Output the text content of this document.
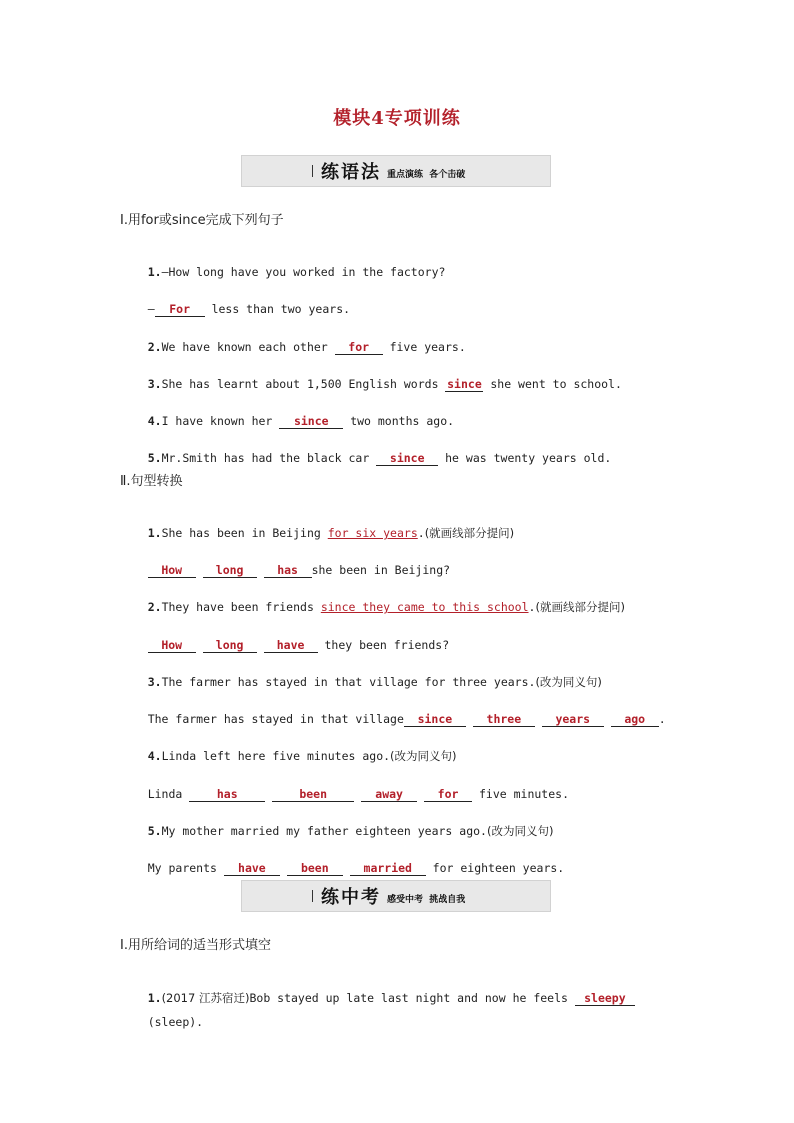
模块4专项训练
练语法 重点演练  各个击破
Ⅰ.用for或since完成下列句子

1.—How long have you worked in the factory?

— For less than two years.

2.We have known each other for five years.

3.She has learnt about 1,500 English words since she went to school.

4.I have known her since two months ago.

5.Mr.Smith has had the black car since he was twenty years old.

Ⅱ.句型转换

1.She has been in Beijing for six years.(就画线部分提问)

How	long	has she been in Beijing?

2.They have been friends since they came to this school.(就画线部分提问)

How	long	have they been friends?

3.The farmer has stayed in that village for three years.(改为同义句)

The farmer has stayed in that village since	three	years	ago .

4.Linda left here five minutes ago.(改为同义句)

Linda has	been	away	for five minutes.

5.My mother married my father eighteen years ago.(改为同义句)

My parents have	been	married for eighteen years.

练中考 感受中考  挑战自我
Ⅰ.用所给词的适当形式填空

1.(2017 江苏宿迁)Bob stayed up late last night and now he feels sleepy

(sleep).
